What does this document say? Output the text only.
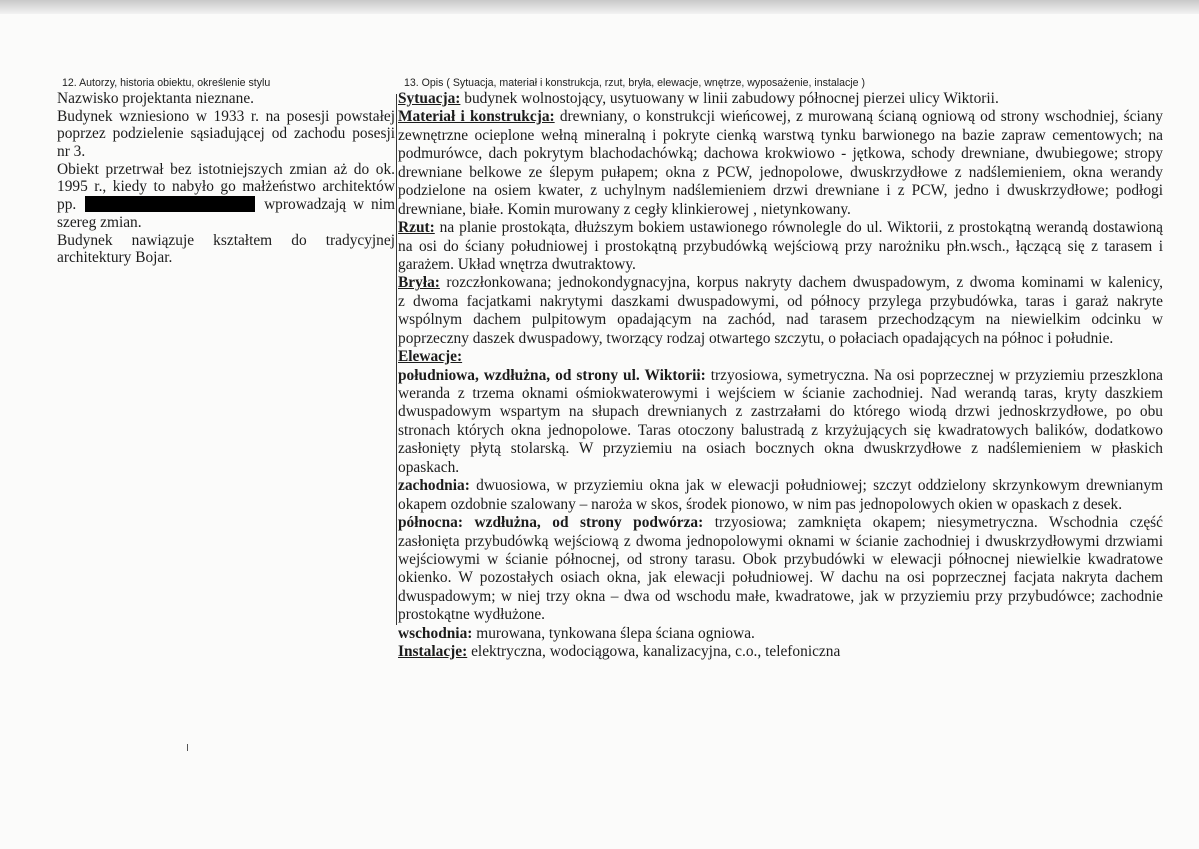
12. Autorzy, historia obiektu, określenie stylu	13. Opis ( Sytuacja, materiał i konstrukcja, rzut, bryła, elewacje, wnętrze, wyposażenie, instalacje )
Nazwisko projektanta nieznane.
Budynek wzniesiono w 1933 r. na posesji powstałej
poprzez podzielenie sąsiadującej od zachodu posesji
nr 3.
Obiekt przetrwał bez istotniejszych zmian aż do ok.
1995 r., kiedy to nabyło go małżeństwo architektów
pp.	wprowadzają w nim
szereg zmian.
Budynek nawiązuje kształtem do tradycyjnej
architektury Bojar.
Sytuacja: budynek wolnostojący, usytuowany w linii zabudowy północnej pierzei ulicy Wiktorii.
Materiał i konstrukcja: drewniany, o konstrukcji wieńcowej, z murowaną ścianą ogniową od strony wschodniej, ściany
zewnętrzne ocieplone wełną mineralną i pokryte cienką warstwą tynku barwionego na bazie zapraw cementowych; na
podmurówce, dach pokrytym blachodachówką; dachowa krokwiowo - jętkowa, schody drewniane, dwubiegowe; stropy
drewniane belkowe ze ślepym pułapem; okna z PCW, jednopolowe, dwuskrzydłowe z nadślemieniem, okna werandy
podzielone na osiem kwater, z uchylnym nadślemieniem drzwi drewniane i z PCW, jedno i dwuskrzydłowe; podłogi
drewniane, białe. Komin murowany z cegły klinkierowej , nietynkowany.
Rzut: na planie prostokąta, dłuższym bokiem ustawionego równolegle do ul. Wiktorii, z prostokątną werandą dostawioną
na osi do ściany południowej i prostokątną przybudówką wejściową przy narożniku płn.wsch., łączącą się z tarasem i
garażem. Układ wnętrza dwutraktowy.
Bryła: rozczłonkowana; jednokondygnacyjna, korpus nakryty dachem dwuspadowym, z dwoma kominami w kalenicy,
z dwoma facjatkami nakrytymi daszkami dwuspadowymi, od północy przylega przybudówka, taras i garaż nakryte
wspólnym dachem pulpitowym opadającym na zachód, nad tarasem przechodzącym na niewielkim odcinku w
poprzeczny daszek dwuspadowy, tworzący rodzaj otwartego szczytu, o połaciach opadających na północ i południe.
Elewacje:
południowa, wzdłużna, od strony ul. Wiktorii: trzyosiowa, symetryczna. Na osi poprzecznej w przyziemiu przeszklona
weranda z trzema oknami ośmiokwaterowymi i wejściem w ścianie zachodniej. Nad werandą taras, kryty daszkiem
dwuspadowym wspartym na słupach drewnianych z zastrzałami do którego wiodą drzwi jednoskrzydłowe, po obu
stronach których okna jednopolowe. Taras otoczony balustradą z krzyżujących się kwadratowych balików, dodatkowo
zasłonięty płytą stolarską. W przyziemiu na osiach bocznych okna dwuskrzydłowe z nadślemieniem w płaskich
opaskach.
zachodnia: dwuosiowa, w przyziemiu okna jak w elewacji południowej; szczyt oddzielony skrzynkowym drewnianym
okapem ozdobnie szalowany – naroża w skos, środek pionowo, w nim pas jednopolowych okien w opaskach z desek.
północna: wzdłużna, od strony podwórza: trzyosiowa; zamknięta okapem; niesymetryczna. Wschodnia część
zasłonięta przybudówką wejściową z dwoma jednopolowymi oknami w ścianie zachodniej i dwuskrzydłowymi drzwiami
wejściowymi w ścianie północnej, od strony tarasu. Obok przybudówki w elewacji północnej niewielkie kwadratowe
okienko. W pozostałych osiach okna, jak elewacji południowej. W dachu na osi poprzecznej facjata nakryta dachem
dwuspadowym; w niej trzy okna – dwa od wschodu małe, kwadratowe, jak w przyziemiu przy przybudówce; zachodnie
prostokątne wydłużone.
wschodnia: murowana, tynkowana ślepa ściana ogniowa.
Instalacje: elektryczna, wodociągowa, kanalizacyjna, c.o., telefoniczna
